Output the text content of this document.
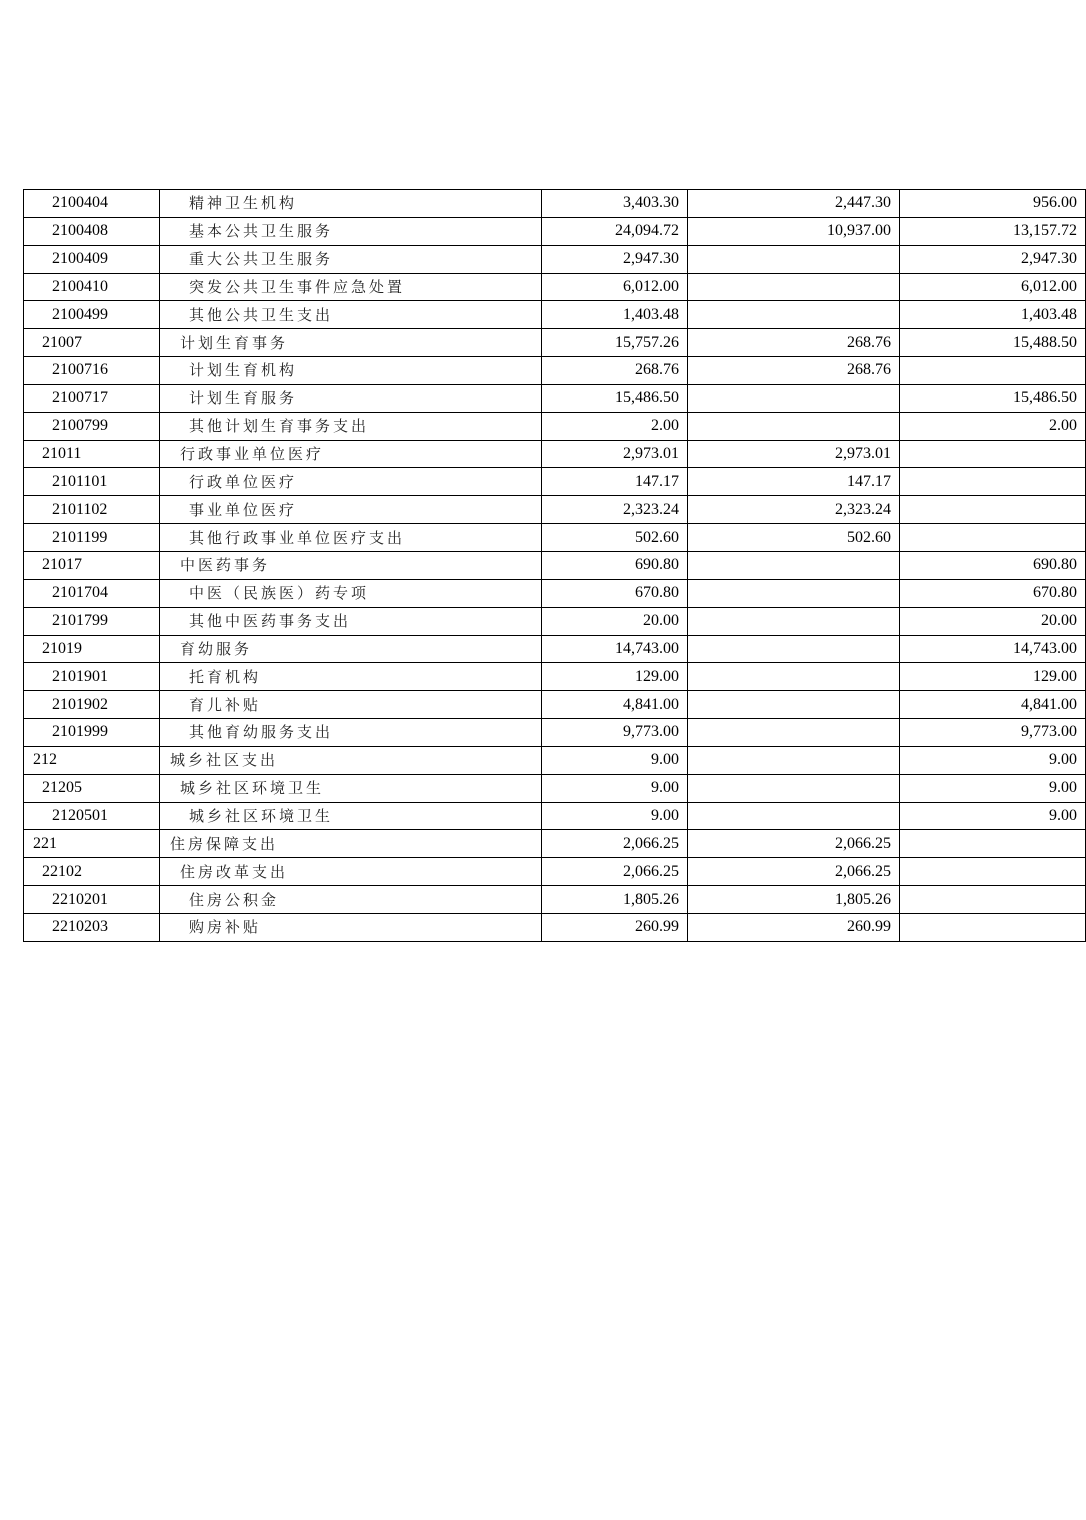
2100404	精神卫生机构	3,403.30	2,447.30	956.00
2100408	基本公共卫生服务	24,094.72	10,937.00	13,157.72
2100409	重大公共卫生服务	2,947.30		2,947.30
2100410	突发公共卫生事件应急处置	6,012.00		6,012.00
2100499	其他公共卫生支出	1,403.48		1,403.48
21007	计划生育事务	15,757.26	268.76	15,488.50
2100716	计划生育机构	268.76	268.76	
2100717	计划生育服务	15,486.50		15,486.50
2100799	其他计划生育事务支出	2.00		2.00
21011	行政事业单位医疗	2,973.01	2,973.01	
2101101	行政单位医疗	147.17	147.17	
2101102	事业单位医疗	2,323.24	2,323.24	
2101199	其他行政事业单位医疗支出	502.60	502.60	
21017	中医药事务	690.80		690.80
2101704	中医（民族医）药专项	670.80		670.80
2101799	其他中医药事务支出	20.00		20.00
21019	育幼服务	14,743.00		14,743.00
2101901	托育机构	129.00		129.00
2101902	育儿补贴	4,841.00		4,841.00
2101999	其他育幼服务支出	9,773.00		9,773.00
212	城乡社区支出	9.00		9.00
21205	城乡社区环境卫生	9.00		9.00
2120501	城乡社区环境卫生	9.00		9.00
221	住房保障支出	2,066.25	2,066.25	
22102	住房改革支出	2,066.25	2,066.25	
2210201	住房公积金	1,805.26	1,805.26	
2210203	购房补贴	260.99	260.99	
